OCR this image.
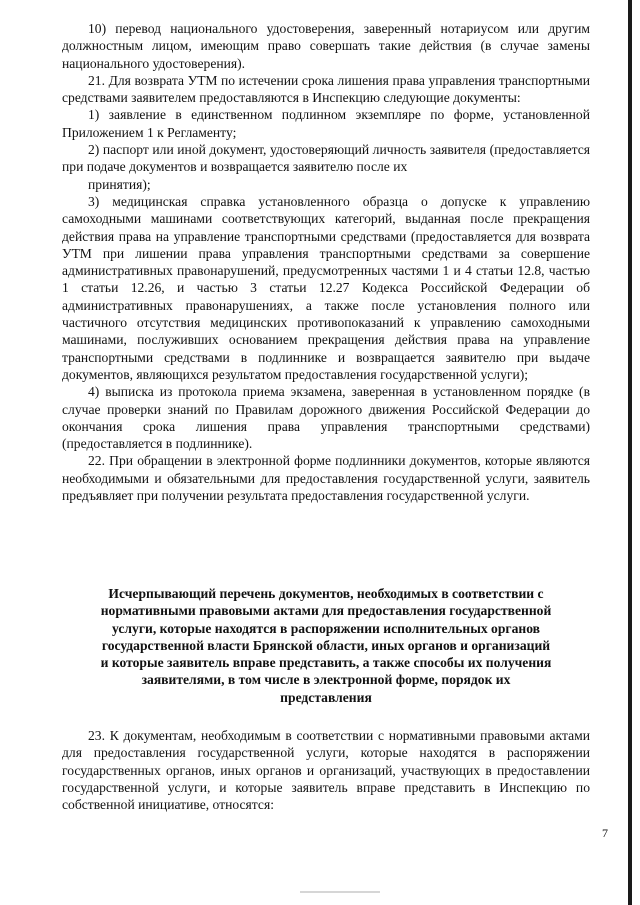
10) перевод национального удостоверения, заверенный нотариусом или другим должностным лицом, имеющим право совершать такие действия (в случае замены национального удостоверения).

21. Для возврата УТМ по истечении срока лишения права управления транспортными средствами заявителем предоставляются в Инспекцию следующие документы:

1) заявление в единственном подлинном экземпляре по форме, установленной Приложением 1 к Регламенту;

2) паспорт или иной документ, удостоверяющий личность заявителя (предоставляется при подаче документов и возвращается заявителю после их

принятия);

3) медицинская справка установленного образца о допуске к управлению самоходными машинами соответствующих категорий, выданная после прекращения действия права на управление транспортными средствами (предоставляется для возврата УТМ при лишении права управления транспортными средствами за совершение административных правонарушений, предусмотренных частями 1 и 4 статьи 12.8, частью 1 статьи 12.26, и частью 3 статьи 12.27 Кодекса Российской Федерации об административных правонарушениях, а также после установления полного или частичного отсутствия медицинских противопоказаний к управлению самоходными машинами, послуживших основанием прекращения действия права на управление транспортными средствами в подлиннике и возвращается заявителю при выдаче документов, являющихся результатом предоставления государственной услуги);

4) выписка из протокола приема экзамена, заверенная в установленном порядке (в случае проверки знаний по Правилам дорожного движения Российской Федерации до окончания срока лишения права управления транспортными средствами) (предоставляется в подлиннике).

22. При обращении в электронной форме подлинники документов, которые являются необходимыми и обязательными для предоставления государственной услуги, заявитель предъявляет при получении результата предоставления государственной услуги.

Исчерпывающий перечень документов, необходимых в соответствии с
нормативными правовыми актами для предоставления государственной
услуги, которые находятся в распоряжении исполнительных органов
государственной власти Брянской области, иных органов и организаций
и которые заявитель вправе представить, а также способы их получения
заявителями, в том числе в электронной форме, порядок их
представления

23. К документам, необходимым в соответствии с нормативными правовыми актами для предоставления государственной услуги, которые находятся в распоряжении государственных органов, иных органов и организаций, участвующих в предоставлении государственной услуги, и которые заявитель вправе представить в Инспекцию по собственной инициативе, относятся:

7
